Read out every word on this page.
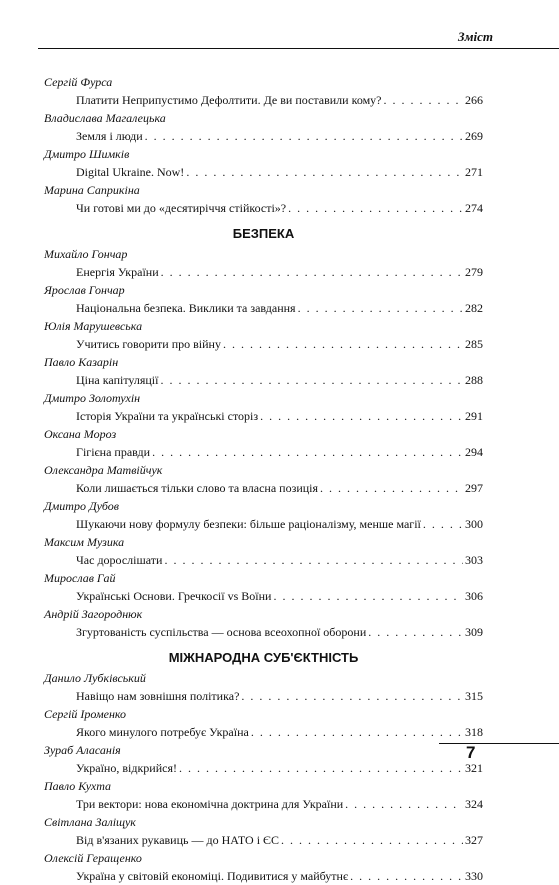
Зміст
Сергій Фурса
Платити Неприпустимо Дефолтити. Де ви поставили кому? . . .	266
Владислава Магалецька
Земля і люди . . .	269
Дмитро Шимків
Digital Ukraine. Now! . . .	271
Марина Саприкіна
Чи готові ми до «десятиріччя стійкості»? . . .	274
БЕЗПЕКА
Михайло Гончар
Енергія України . . .	279
Ярослав Гончар
Національна безпека. Виклики та завдання . . .	282
Юлія Марушевська
Учитись говорити про війну . . .	285
Павло Казарін
Ціна капітуляції . . .	288
Дмитро Золотухін
Історія України та українські сторіз . . .	291
Оксана Мороз
Гігієна правди . . .	294
Олександра Матвійчук
Коли лишається тільки слово та власна позиція . . .	297
Дмитро Дубов
Шукаючи нову формулу безпеки: більше раціоналізму, менше магії . . .	300
Максим Музика
Час дорослішати . . .	303
Мирослав Гай
Українські Основи. Гречкосії vs Воїни . . .	306
Андрій Загороднюк
Згуртованість суспільства — основа всеохопної оборони . . .	309
МІЖНАРОДНА СУБ'ЄКТНІСТЬ
Данило Лубківський
Навіщо нам зовнішня політика? . . .	315
Сергій Іроменко
Якого минулого потребує Україна . . .	318
Зураб Аласанія
Україно, відкрийся! . . .	321
Павло Кухта
Три вектори: нова економічна доктрина для України . . .	324
Світлана Заліщук
Від в'язаних рукавиць — до НАТО і ЄС . . .	327
Олексій Геращенко
Україна у світовій економіці. Подивитися у майбутнє . . .	330
7
